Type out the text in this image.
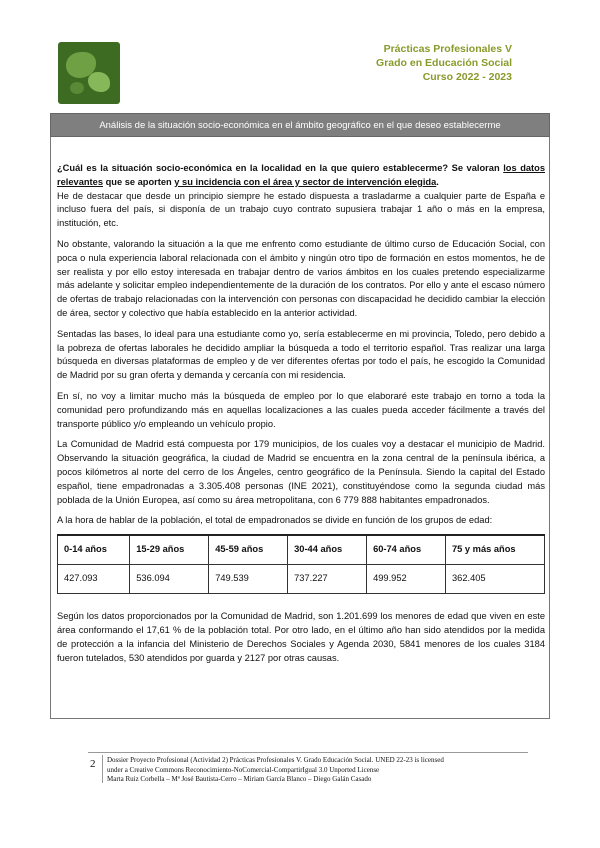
Prácticas Profesionales V
Grado en Educación Social
Curso 2022 - 2023
Análisis de la situación socio-económica en el ámbito geográfico en el que deseo establecerme
¿Cuál es la situación socio-económica en la localidad en la que quiero establecerme? Se valoran los datos relevantes que se aporten y su incidencia con el área y sector de intervención elegida.

He de destacar que desde un principio siempre he estado dispuesta a trasladarme a cualquier parte de España e incluso fuera del país, si disponía de un trabajo cuyo contrato supusiera trabajar 1 año o más en la empresa, institución, etc.

No obstante, valorando la situación a la que me enfrento como estudiante de último curso de Educación Social, con poca o nula experiencia laboral relacionada con el ámbito y ningún otro tipo de formación en estos momentos, he de ser realista y por ello estoy interesada en trabajar dentro de varios ámbitos en los cuales pretendo especializarme más adelante y solicitar empleo independientemente de la duración de los contratos. Por ello y ante el escaso número de ofertas de trabajo relacionadas con la intervención con personas con discapacidad he decidido cambiar la elección de área, sector y colectivo que había establecido en la anterior actividad.

Sentadas las bases, lo ideal para una estudiante como yo, sería establecerme en mi provincia, Toledo, pero debido a la pobreza de ofertas laborales he decidido ampliar la búsqueda a todo el territorio español. Tras realizar una larga búsqueda en diversas plataformas de empleo y de ver diferentes ofertas por todo el país, he escogido la Comunidad de Madrid por su gran oferta y demanda y cercanía con mi residencia.

En sí, no voy a limitar mucho más la búsqueda de empleo por lo que elaboraré este trabajo en torno a toda la comunidad pero profundizando más en aquellas localizaciones a las cuales pueda acceder fácilmente a través del transporte público y/o empleando un vehículo propio.

La Comunidad de Madrid está compuesta por 179 municipios, de los cuales voy a destacar el municipio de Madrid. Observando la situación geográfica, la ciudad de Madrid se encuentra en la zona central de la península ibérica, a pocos kilómetros al norte del cerro de los Ángeles, centro geográfico de la Península. Siendo la capital del Estado español, tiene empadronadas a 3.305.408 personas (INE 2021), constituyéndose como la segunda ciudad más poblada de la Unión Europea, así como su área metropolitana, con 6 779 888 habitantes empadronados.

A la hora de hablar de la población, el total de empadronados se divide en función de los grupos de edad:

0-14 años	15-29 años	45-59 años	30-44 años	60-74 años	75 y más años
427.093	536.094	749.539	737.227	499.952	362.405

Según los datos proporcionados por la Comunidad de Madrid, son 1.201.699 los menores de edad que viven en este área conformando el 17,61 % de la población total. Por otro lado, en el último año han sido atendidos por la medida de protección a la infancia del Ministerio de Derechos Sociales y Agenda 2030, 5841 menores de los cuales 3184 fueron tutelados, 530 atendidos por guarda y 2127 por otras causas.

2 Dossier Proyecto Profesional (Actividad 2) Prácticas Profesionales V. Grado Educación Social. UNED 22-23 is licensed
under a Creative Commons Reconocimiento-NoComercial-CompartirIgual 3.0 Unported License
Marta Ruiz Corbella – Mª José Bautista-Cerro – Miriam García Blanco – Diego Galán Casado
